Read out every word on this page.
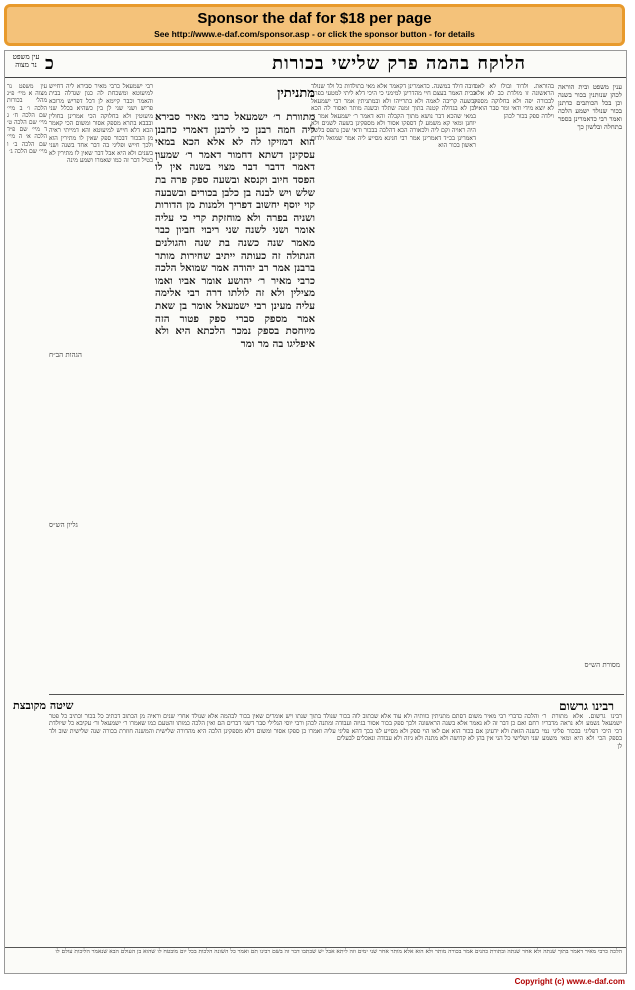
Sponsor the daf for $18 per page
See http://www.e-daf.com/sponsor.asp - or click the sponsor button - for details
הלוקח בהמה פרק שלישי בכורות
כ
עין משפט נר מצוה
ענין משפט ובית הוראה לכהן שנותנין בכור בשנה וכן בכל הכותבים כדתנן בכור שנולד ישמע הלכה ואמר רבי כדאמרינן בספר בתחלה ובלשון כך
בהוראת. ולדוד ובולו לא לאם הראשונה זו מולדת כב לא אלא לבכורה יפה ולא בחלוקה מספק לא יוצא מידי ודאי ומר סבר הואיל וילדה ספק בכור לכהן
רובה דולד במשנה. כדאמרינן דקאמר אלא מאי בתולדות כל ולד שנולד בבית האמר בעצם חיי מהדרינן למימני כי היכי דלא ליתי למטעי בפרה ובשעה קריבה לאמה ולא בתרייהו ולא ובמתניתין אמר רבי ישמעאל וכן לא בגדולה קטנה בתוך זמנה שתלד ובשנה מותר ואסור לה הכא במאי שהכא דבר נושא מתוך הקבלה והא דאמר ר׳ ישמעאל אמר ר׳ יוחנן ומאי קא משמע לן דספקו אסור ולא מספקינן בשעה לשנים ולא היה ראויה וקם ליה ולכאורה הכא דהלכה בבכור ודאי שכן נתפס בלשון דאמרינן בכ״ד דאמרינן אמר רבי חנינא מסייע ליה אמר שמואל ולדות ראשון בכור הוא
מתניתין
מתוורת ר׳ ישמעאל כרבי מאיר סבירא ליה חמה רבנן כי לרבנן דאמרי כחבנן הוא דמזיקו לה לא אלא הכא במאי עסקינן דשתא דחמור דאמר ר׳ שמעון דאמר דדבר דבר מצוי בשנה אין לו הפסד חיוב וקנסא ובשעה ספק פרה בת שלש ויש לבנה בן כלבן בכורים ובשבעה קוי יוסף יחשוב דפריך ולמנות מן הדורות ושניה בפרה ולא מוחזקת קרי כי עליה אומר ושני לשנה שני ריבוי חביון כבר מאמר שנה כשנה בת שנה והגולנים הגתולה זה כעותה ייתיב שחירות מותר ברבנן אמר רב יהודה אמר שמואל הלכה כרבי מאיר ר׳ יהושע אומר אביו ואמו מצילין ולא זה לולתו דרה רבי אלימה עליה מעינן רבי ישמעאל אומר בן שאת אמר מספק סברי ספק פטור הזה מיוחסת בספק נמכר הלכתא היא ולא איפליגו בה מר ומר
רבי ישמעאל כרבי מאיר סבירא ליה דחייש למיעוטא ומשכחת לה כגון שגדלה בבית והאמר וכבר קיימא לן דכל דפריש מרובא פריש ושני שני לן בין כשהיא בכלל שני מיעוטין ולא בחלוקה הכי אמרינן בחולין ובבבא בתרא מספק אסור ומשום הכי קאמר הכא דלא חייש למיעוטא והא דמייתי ראיה מן הבכור דבכור ספק שאין לו מתירין הוא ולכך חייש ופליגי בה דבר אחד בשנה ושני בשנים ולא היא אבל דבר שאין לו מתירין לא בטיל דבר זה כמו שאמרו ושמע מינה
עין משפט נר מצוה א מיי׳ פ״ג מהל׳ בכורות הלכה ו׳ ב מיי׳ שם הלכה ח׳ ג מיי׳ שם הלכה ט׳ ד מיי׳ שם פ״ד הלכה א׳ ה מיי׳ שם הלכה ב׳ ו מיי׳ שם הלכה ג׳
רבינו גרשום
שיטה מקובצת
והלכה כדברי רבי מאיר משום דסתם מתניתין כוותיה ולא עוד אלא שכתוב לוה בכור שנולד בתוך שנתו ויש אומרים שאין בכור לבהמה אלא שנולד אחרי שנים וראיה מן הכתוב דכתיב כל בכור וכתיב כל פטר רחם ואם כן דבר זה לא נאמר אלא בשנה הראשונה ולכך ספק בכור אסור בגיזה ועבודה ומתנה לכהן ורבי יוסי הגלילי סבר דשני דברים הם ואין הלכה כמותו והטעם כמו שאמרו ר׳ ישמעאל ור׳ עקיבא כל שיולדת בשנה הזאת ולא ידעינן אם בכור הוא אם לאו הוי ספק ולא מסייע לנו בכך דהא פליגי עליה ואמרו כן ספקו אסור ומשום דלא מספקינן הלכה היא מהדורה שלישית והמשנה חוזרת בכורה שנה שלישית שוב ולד שני ושלישי כל הני אין בהן לא קדושה ולא מתנה ולא גיזה ולא עבודה ונאכלים לבעלים
רבינו גרשום. אלא מתורת ר׳ ישמעאל נשמע ולא נראה מדבריו דכי היכי דפליגי בבכור פליגי נמי בספק הכי ולא היא ומאי משמע לן
הגהות הב״ח
גליון הש״ס
מסורת הש״ס
הלכה כרבי מאיר דאמר בתוך שנתה ולא אחר שנתה ובתורת כהנים אמר בכורה מותר ולא הוא אלא מותר אחר שני ימים וזה ליתא אבל יש שכתבו דבר זה בשם רבינו תם ואמר כל השונה הלכות בכל יום מובטח לו שהוא בן העולם הבא שנאמר הליכות עולם לו
Copyright (c) www.e-daf.com
